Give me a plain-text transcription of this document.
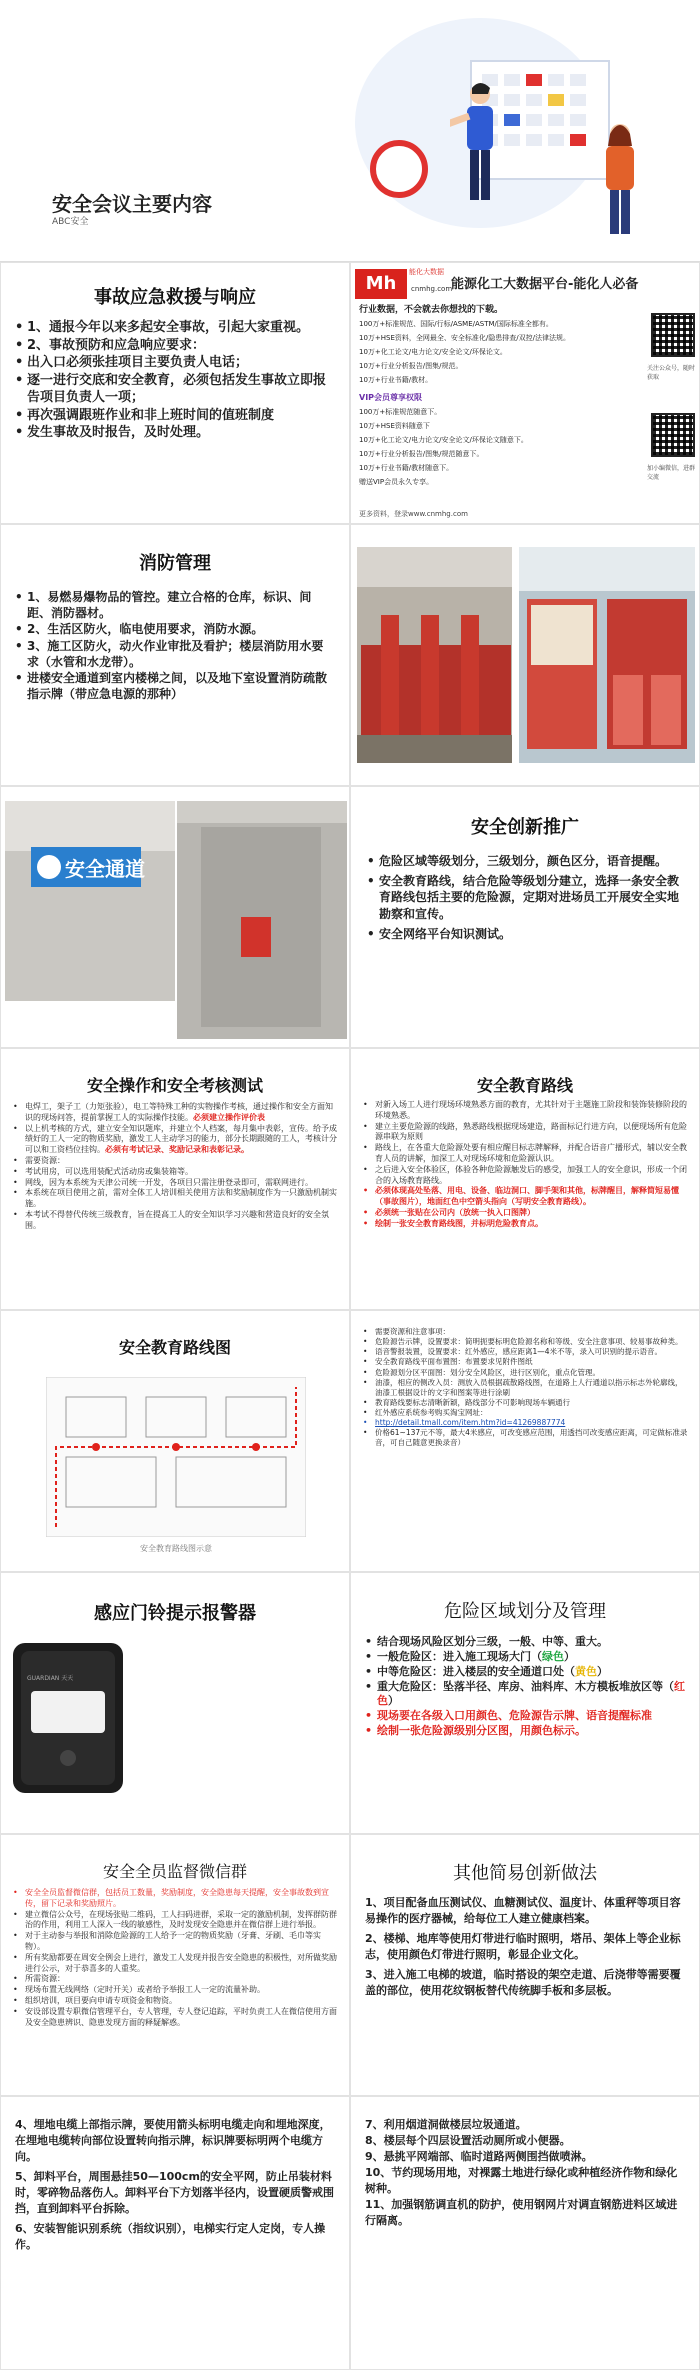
安全会议主要内容
ABC安全
事故应急救援与响应
• 1、通报今年以来多起安全事故，引起大家重视。
• 2、事故预防和应急响应要求：
• 出入口必须张挂项目主要负责人电话；
• 逐一进行交底和安全教育，必须包括发生事故立即报告项目负责人一项；
• 再次强调跟班作业和非上班时间的值班制度
• 发生事故及时报告，及时处理。
Mh
能化大数据
cnmhg.com
能源化工大数据平台-能化人必备
行业数据，不会就去你想找的下载。
100万+标准规范、国际/行标/ASME/ASTM/国际标准全都有。
10万+HSE资料，全网最全、安全标准化/隐患排查/双控/法律法规。
10万+化工论文/电力论文/安全论文/环保论文。
10万+行业分析报告/图集/规范。
10万+行业书籍/教材。
VIP会员尊享权限
100万+标准规范随意下。
10万+HSE资料随意下
10万+化工论文/电力论文/安全论文/环保论文随意下。
10万+行业分析报告/图集/规范随意下。
10万+行业书籍/教材随意下。
赠送VIP会员永久专享。
关注公众号，随时获取
加小编微信，进群交流
更多资料，登录www.cnmhg.com
消防管理
• 1、易燃易爆物品的管控。建立合格的仓库，标识、间距、消防器材。
• 2、生活区防火，临电使用要求，消防水源。
• 3、施工区防火，动火作业审批及看护；楼层消防用水要求（水管和水龙带）。
• 进楼安全通道到室内楼梯之间，以及地下室设置消防疏散指示牌（带应急电源的那种）
安全通道
安全创新推广
• 危险区域等级划分，三级划分，颜色区分，语音提醒。
• 安全教育路线，结合危险等级划分建立，选择一条安全教育路线包括主要的危险源，定期对进场员工开展安全实地勘察和宣传。
• 安全网络平台知识测试。
安全操作和安全考核测试
• 电焊工，架子工（力矩张验），电工等特殊工种的实物操作考核，通过操作和安全方面知识的现场问答，提前掌握工人的实际操作技能。必须建立操作评价表
• 以上机考核的方式，建立安全知识题库，并建立个人档案，每月集中表彰，宣传。给予成绩好的工人一定的物质奖励，激发工人主动学习的能力，部分长期跟随的工人，考核计分可以和工资档位挂钩。必须有考试记录、奖励记录和表彰记录。
• 需要资源：
• 考试用房，可以选用装配式活动房或集装箱等。
• 网线，因为本系统为天津公司统一开发，各项目只需注册登录即可，需联网进行。
• 本系统在项目使用之前，需对全体工人培训相关使用方法和奖励制度作为一只激励机制实施。
• 本考试不得替代传统三级教育，旨在提高工人的安全知识学习兴趣和营造良好的安全氛围。
安全教育路线
• 对新入场工人进行现场环境熟悉方面的教育，尤其针对于主题施工阶段和装饰装修阶段的环境熟悉。
• 建立主要危险源的线路，熟悉路线根据现场建造，路面标记行进方向，以便现场所有危险源串联为原则
• 路线上，在各重大危险源处要有相应醒目标志牌解释，并配合语音广播形式，辅以安全教育人员的讲解，加深工人对现场环境和危险源认识。
• 之后进入安全体验区，体验各种危险源触发后的感受，加强工人的安全意识，形成一个闭合的入场教育路线。
• 必须体现高处坠落、用电、设备、临边洞口、脚手架和其他，标牌醒目，解释简短易懂（事故图片），地面红色中空箭头指向（写明安全教育路线）。
• 必须统一张贴在公司内（放统一执入口图牌）
• 绘制一张安全教育路线图，并标明危险教育点。
安全教育路线图
安全教育路线图示意
• 需要资源和注意事项：
• 危险源告示牌，设置要求：简明扼要标明危险源名称和等级、安全注意事项、较易事故种类。
• 语音警报装置，设置要求：红外感应，感应距离1—4米不等，录入可识别的提示语音。
• 安全教育路线平面布置图：布置要求见附件图纸
• 危险源划分区平面图：划分安全风险区，进行区别化，重点化管理。
• 油漆，相应的侧改入员：测放入员根据疏散路线图，在道路上人行通道以指示标志外轮廓线，油漆工根据设计的文字和图案等进行涂刷
• 教育路线要标志清晰新颖，路线部分不可影响现场车辆通行
• 红外感应系统参考购买淘宝网址：
• http://detail.tmall.com/item.htm?id=41269887774
• 价格61~137元不等，最大4米感应，可改变感应范围，用透挡可改变感应距离，可定做标准录音，可自己随意更换录音）
感应门铃提示报警器
GUARDIAN 天天
危险区域划分及管理
• 结合现场风险区划分三级，一般、中等、重大。
• 一般危险区：进入施工现场大门（绿色）
• 中等危险区：进入楼层的安全通道口处（黄色）
• 重大危险区：坠落半径、库房、油料库、木方模板堆放区等（红色）
• 现场要在各级入口用颜色、危险源告示牌、语音提醒标准
• 绘制一张危险源级别分区图，用颜色标示。
安全全员监督微信群
• 安全全员监督微信群，包括员工数量，奖励制度，安全隐患每天提醒，安全事故数到宣传，留下记录和奖励照片。
• 建立微信公众号，在现场张贴二维码，工人扫码进群，采取一定的激励机制，发挥群防群治的作用，利用工人深入一线的敏感性，及时发现安全隐患并在微信群上进行举报。
• 对于主动参与举报和消除危险源的工人给予一定的物质奖励（牙膏、牙刷、毛巾等实物）。
• 所有奖励都要在周安全例会上进行，激发工人发现并报告安全隐患的积极性，对所做奖励进行公示，对于恭喜多的人重奖。
• 所需资源：
• 现场布置无线网络（定时开关）或者给予举报工人一定的流量补助。
• 组织培训，项目要向申请专项资金和物资。
• 安设部设置专职微信管理平台，专人管理，专人登记追踪，平时负责工人在微信使用方面及安全隐患辨识、隐患发现方面的释疑解惑。
其他简易创新做法
1、项目配备血压测试仪、血糖测试仪、温度计、体重秤等项目容易操作的医疗器械，给每位工人建立健康档案。
2、楼梯、地库等使用灯带进行临时照明，塔吊、架体上等企业标志，使用颜色灯带进行照明，彰显企业文化。
3、进入施工电梯的坡道，临时搭设的架空走道、后浇带等需要覆盖的部位，使用花纹钢板替代传统脚手板和多层板。
4、埋地电缆上部指示牌，要使用箭头标明电缆走向和埋地深度，在埋地电缆转向部位设置转向指示牌，标识牌要标明两个电缆方向。
5、卸料平台，周围悬挂50—100cm的安全平网，防止吊装材料时，零碎物品落伤人。卸料平台下方划落半径内，设置硬质警戒围挡，直到卸料平台拆除。
6、安装智能识别系统（指纹识别），电梯实行定人定岗，专人操作。
7、利用烟道洞做楼层垃圾通道。
8、楼层每个四层设置活动厕所或小便器。
9、悬挑平网端部、临时道路两侧围挡做喷淋。
10、节约现场用地，对裸露土地进行绿化或种植经济作物和绿化树种。
11、加强钢筋调直机的防护，使用钢网片对调直钢筋进料区域进行隔离。
